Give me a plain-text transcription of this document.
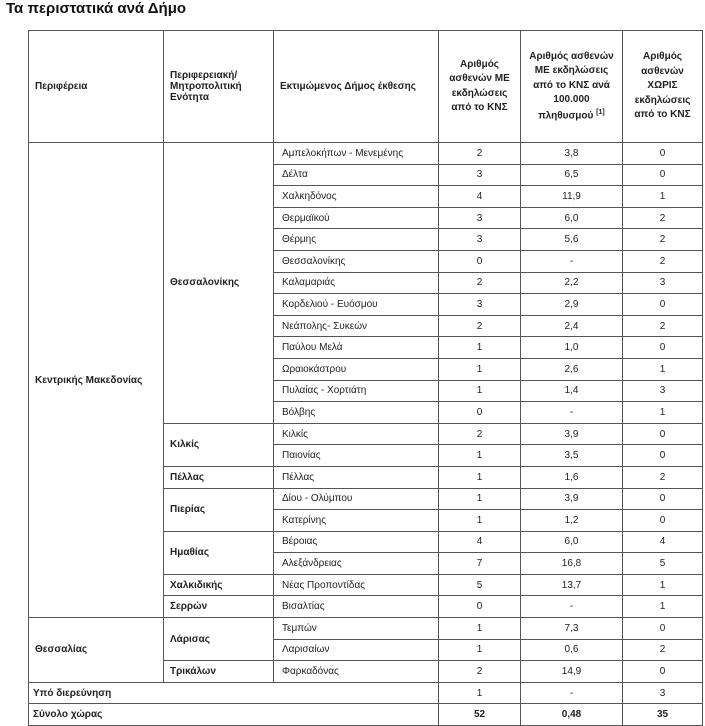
Τα περιστατικά ανά Δήμο
Περιφέρεια	Περιφερειακή/ Μητροπολιτική Ενότητα	Εκτιμώμενος Δήμος έκθεσης	Αριθμός ασθενών ΜΕ εκδηλώσεις από το ΚΝΣ	Αριθμός ασθενών ΜΕ εκδηλώσεις από το ΚΝΣ ανά 100.000 πληθυσμού [1]	Αριθμός ασθενών ΧΩΡΙΣ εκδηλώσεις από το ΚΝΣ
Κεντρικής Μακεδονίας	Θεσσαλονίκης	Αμπελοκήπων - Μενεμένης	2	3,8	0
		Δέλτα	3	6,5	0
		Χαλκηδόνος	4	11,9	1
		Θερμαϊκού	3	6,0	2
		Θέρμης	3	5,6	2
		Θεσσαλονίκης	0	-	2
		Καλαμαριάς	2	2,2	3
		Κορδελιού - Ευόσμου	3	2,9	0
		Νεάπολης- Συκεών	2	2,4	2
		Παύλου Μελά	1	1,0	0
		Ωραιοκάστρου	1	2,6	1
		Πυλαίας - Χορτιάτη	1	1,4	3
		Βόλβης	0	-	1
	Κιλκίς	Κιλκίς	2	3,9	0
		Παιονίας	1	3,5	0
	Πέλλας	Πέλλας	1	1,6	2
	Πιερίας	Δίου - Ολύμπου	1	3,9	0
		Κατερίνης	1	1,2	0
	Ημαθίας	Βέροιας	4	6,0	4
		Αλεξάνδρειας	7	16,8	5
	Χαλκιδικής	Νέας Προποντίδας	5	13,7	1
	Σερρών	Βισαλτίας	0	-	1
Θεσσαλίας	Λάρισας	Τεμπών	1	7,3	0
		Λαρισαίων	1	0,6	2
	Τρικάλων	Φαρκαδόνας	2	14,9	0
Υπό διερεύνηση			1	-	3
Σύνολο χώρας			52	0,48	35
